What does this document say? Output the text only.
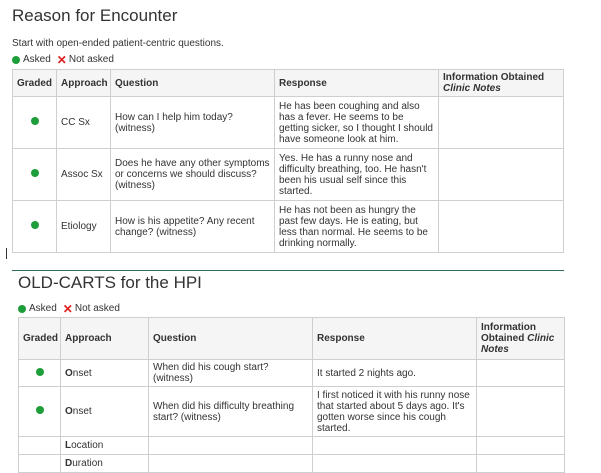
Reason for Encounter
Start with open-ended patient-centric questions.
Asked ✕ Not asked
Graded	Approach	Question	Response	Information Obtained
Clinic Notes

	CC Sx	How can I help him today? (witness)	He has been coughing and also has a fever. He seems to be getting sicker, so I thought I should have someone look at him.	
	Assoc Sx	Does he have any other symptoms or concerns we should discuss? (witness)	Yes. He has a runny nose and difficulty breathing, too. He hasn't been his usual self since this started.	
	Etiology	How is his appetite? Any recent change? (witness)	He has not been as hungry the past few days. He is eating, but less than normal. He seems to be drinking normally.	
OLD-CARTS for the HPI
Asked ✕ Not asked
Graded	Approach	Question	Response	Information
Obtained Clinic
Notes
	Onset	When did his cough start? (witness)	It started 2 nights ago.	
	Onset	When did his difficulty breathing start? (witness)	I first noticed it with his runny nose that started about 5 days ago. It's gotten worse since his cough started.	
	Location			
	Duration			
